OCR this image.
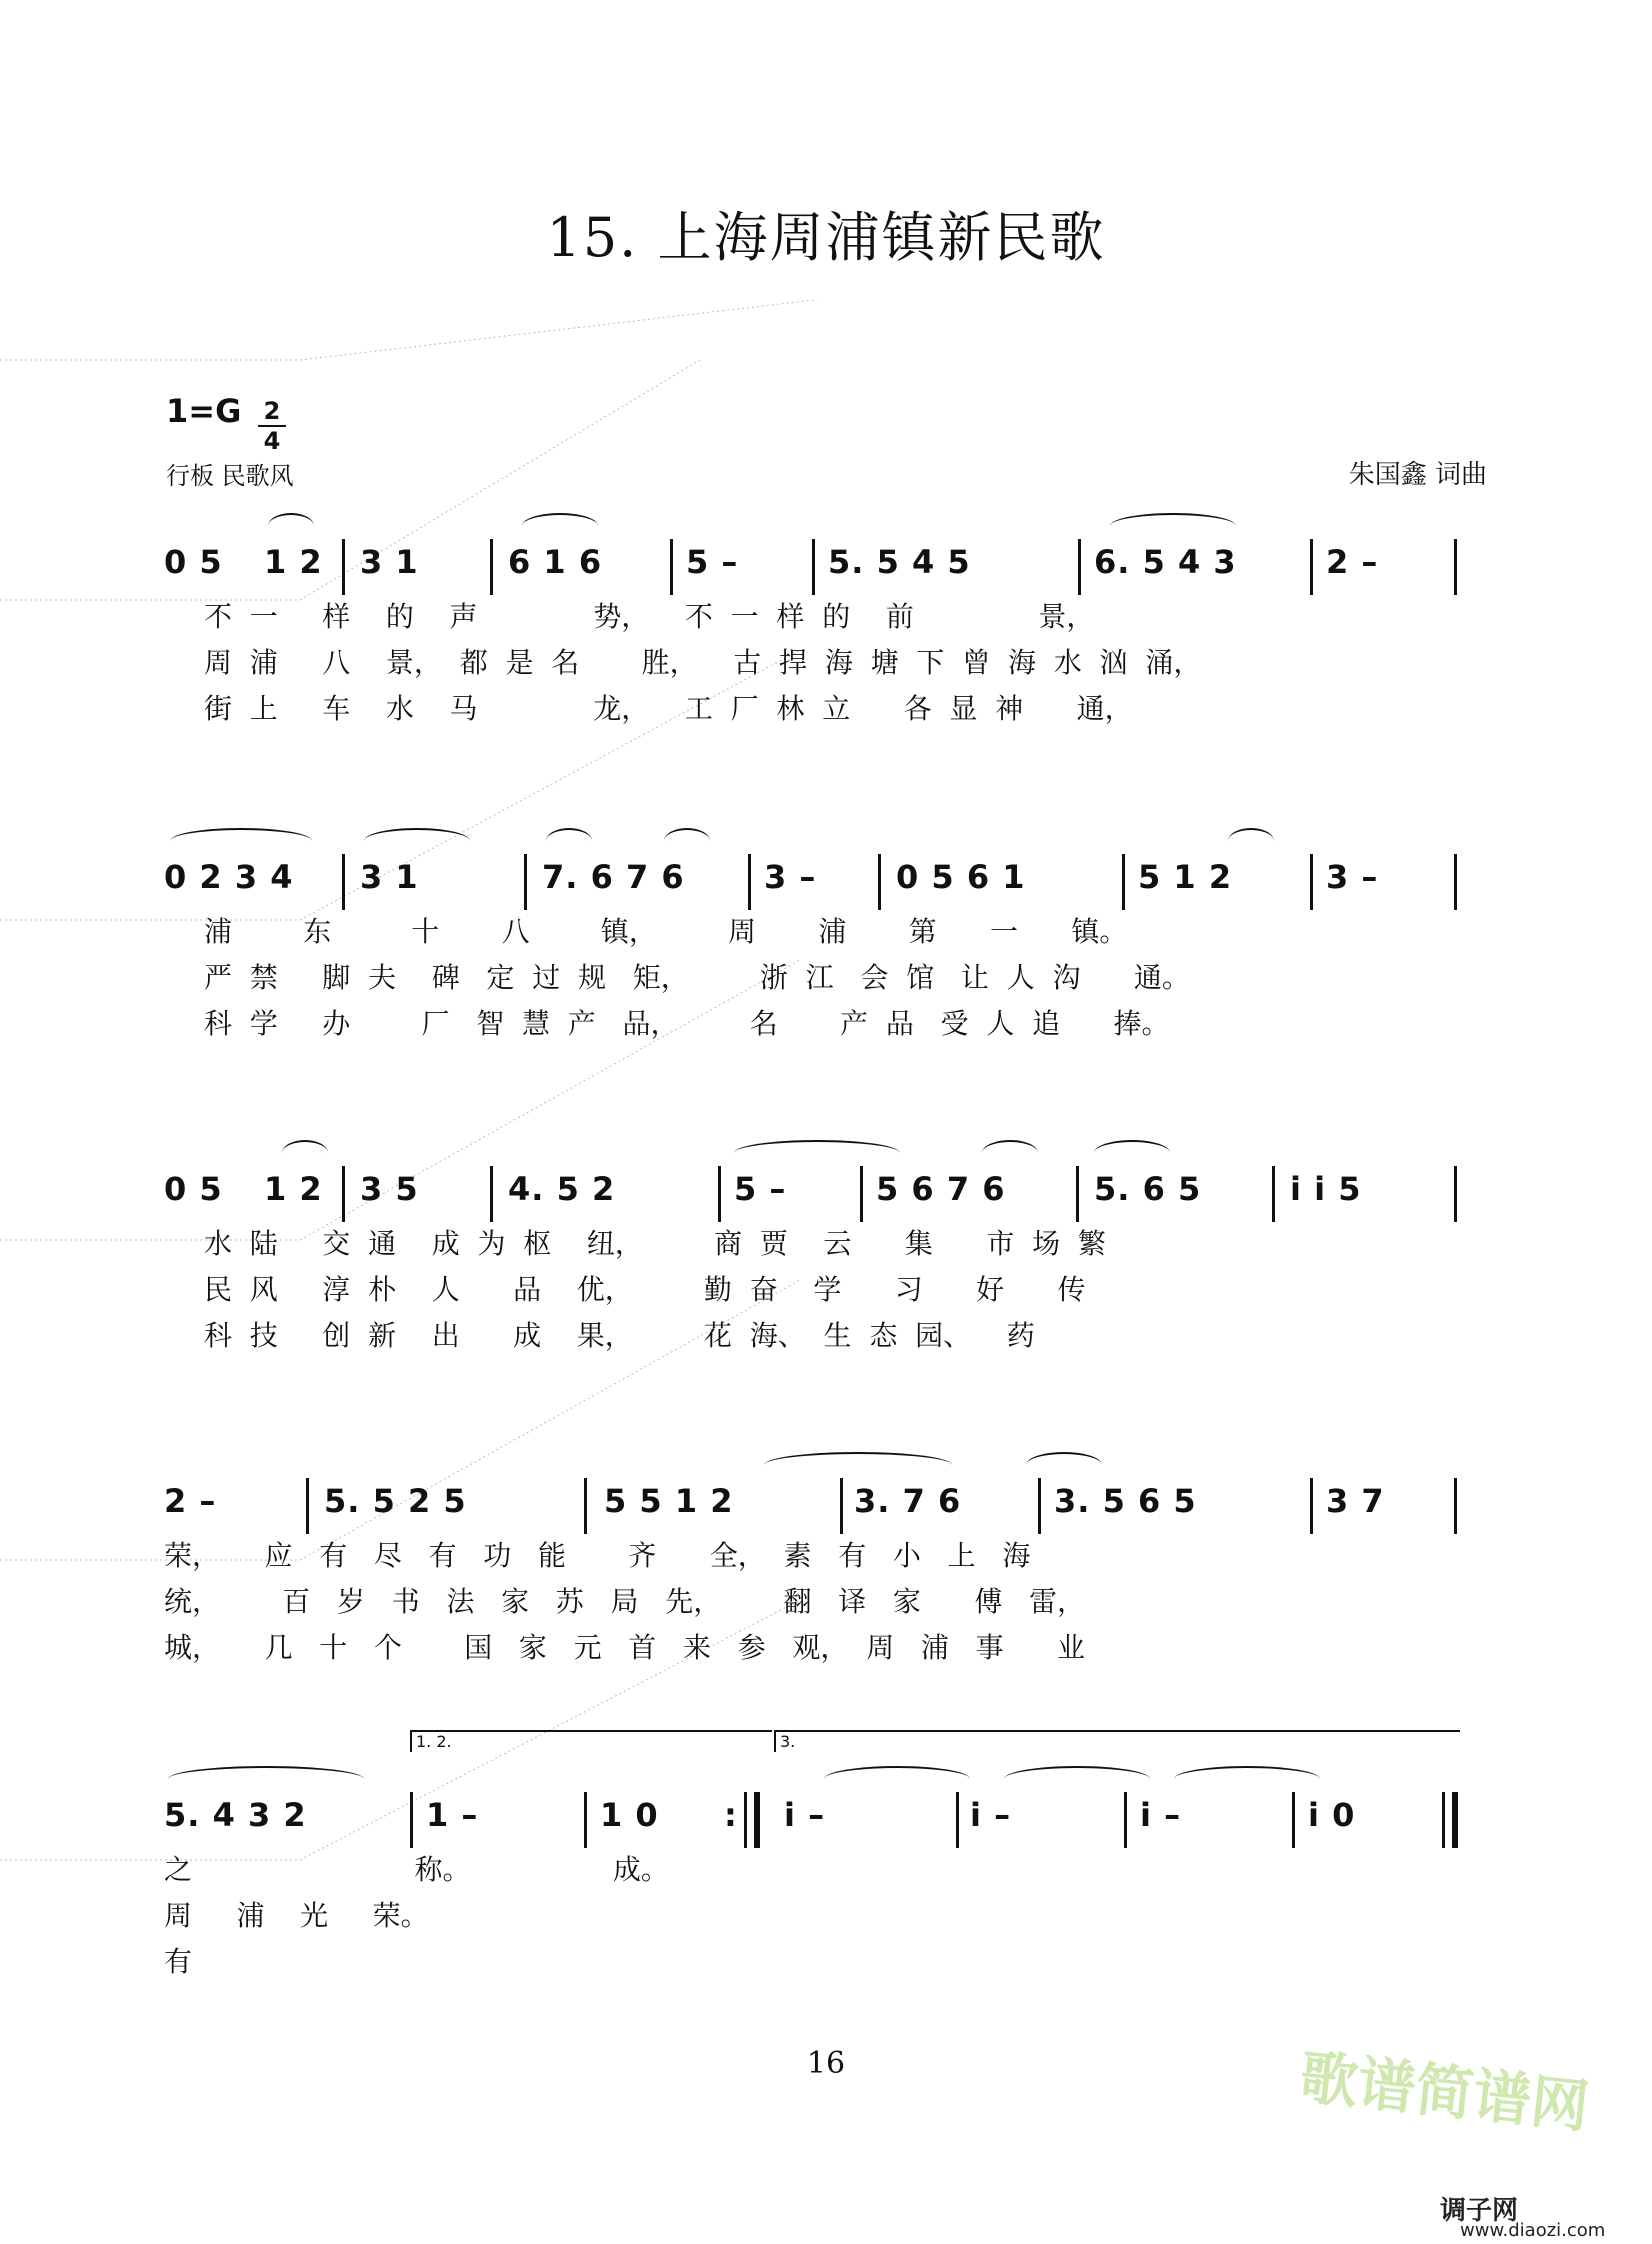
15. 上海周浦镇新民歌
1=G 2
4
行板 民歌风	朱国鑫 词曲
0 5 1 2 3 1	6 1 6	5 –	5. 5 4 5	6. 5 4 3	2 –
不  一     样    的    声             势，    不  一  样  的    前              景，
周  浦     八    景，  都  是  名       胜，    古  捍  海  塘  下  曾  海  水  汹  涌，
街  上     车    水    马             龙，    工  厂  林  立      各  显  神      通，
0 2 3 4 3 1	7. 6 7 6 3 – 0 5 6 1	5 1 2	3 –
浦        东         十       八        镇，        周       浦       第      一      镇。
严  禁     脚  夫    碑   定  过  规   矩，        浙  江   会  馆   让  人  沟      通。
科  学     办        厂   智  慧  产   品，        名       产  品   受  人  追      捧。
0 5 1 2 3 5	4. 5 2	5 –	5 6 7 6	5. 6 5	i i 5
水  陆     交  通    成  为  枢    纽，        商  贾    云      集      市  场  繁
民  风     淳  朴    人      品    优，        勤  奋    学      习      好      传
科  技     创  新    出      成    果，        花  海、  生  态  园、    药
2 –	5. 5 2 5	5 5 1 2	3. 7 6	3. 5 6 5	3 7
荣，     应   有   尽   有   功   能       齐      全，  素   有   小   上   海
统，       百   岁   书   法   家   苏   局   先，       翻   译   家      傅   雷，
城，     几   十   个       国   家   元   首   来   参   观，  周   浦   事      业
1. 2.	3.
5. 4 3 2	1 –	1 0 : i –	i –	i –	i 0
之                         称。                成。
周     浦    光     荣。
有
16	歌谱简谱网
调子网
www.diaozi.com
